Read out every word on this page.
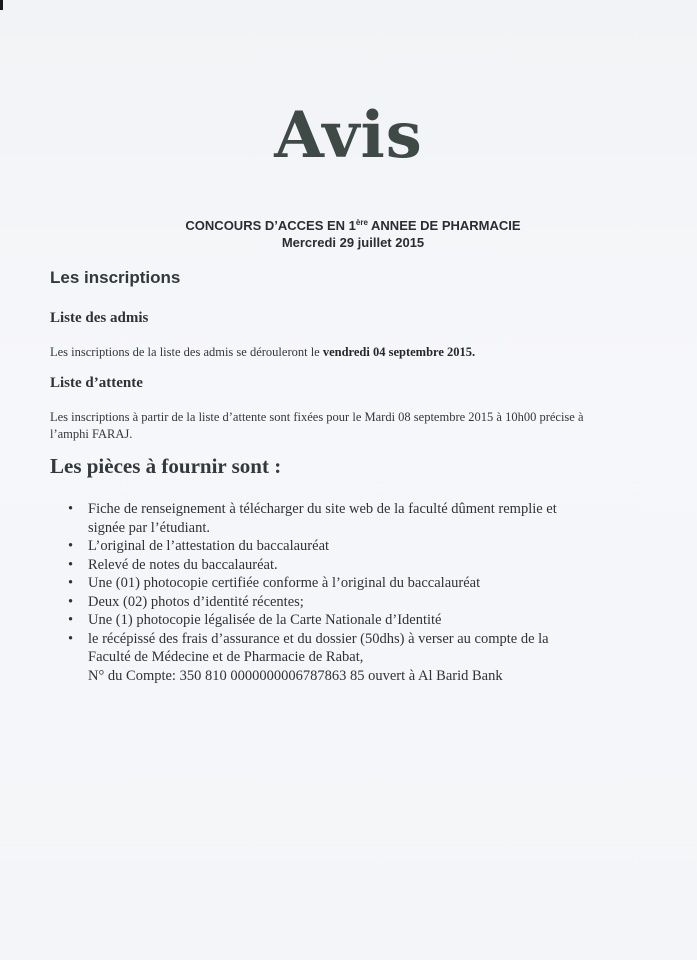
Avis
CONCOURS D’ACCES EN 1ère ANNEE DE PHARMACIE
Mercredi 29 juillet 2015
Les inscriptions
Liste des admis
Les inscriptions de la liste des admis se dérouleront le vendredi 04 septembre 2015.
Liste d’attente
Les inscriptions à partir de la liste d’attente sont fixées pour le Mardi 08 septembre 2015 à 10h00 précise à
l’amphi FARAJ.
Les pièces à fournir sont :
• Fiche de renseignement à télécharger du site web de la faculté dûment remplie et
signée par l’étudiant.
• L’original de l’attestation du baccalauréat
• Relevé de notes du baccalauréat.
• Une (01) photocopie certifiée conforme à l’original du baccalauréat
• Deux (02) photos d’identité récentes;
• Une (1) photocopie légalisée de la Carte Nationale d’Identité
• le récépissé des frais d’assurance et du dossier (50dhs) à verser au compte de la
Faculté de Médecine et de Pharmacie de Rabat,
N° du Compte: 350 810 0000000006787863 85 ouvert à Al Barid Bank
